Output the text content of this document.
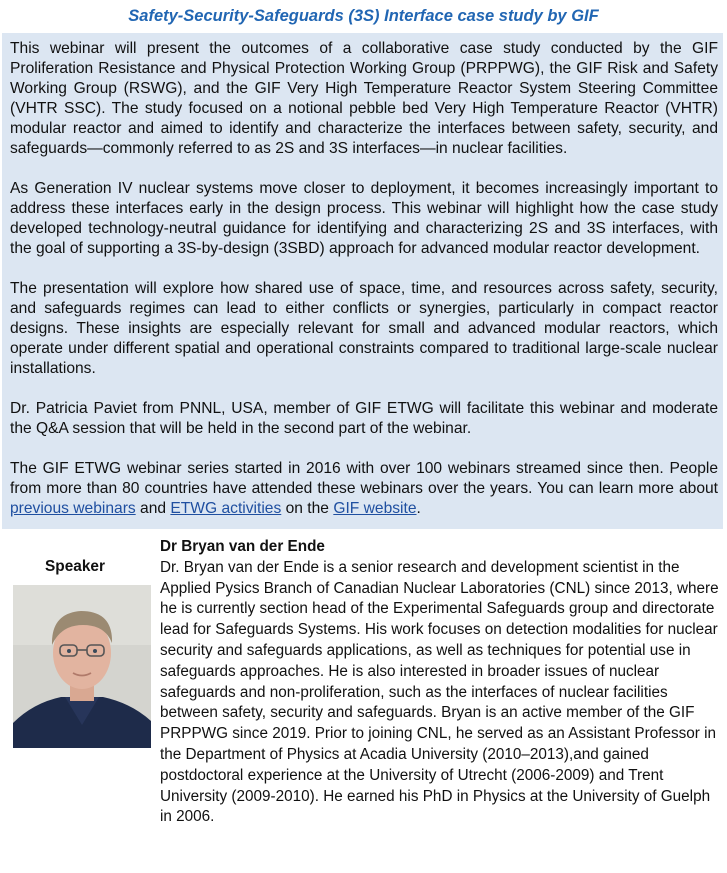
Safety-Security-Safeguards (3S) Interface case study by GIF

This webinar will present the outcomes of a collaborative case study conducted by the GIF Proliferation Resistance and Physical Protection Working Group (PRPPWG), the GIF Risk and Safety Working Group (RSWG), and the GIF Very High Temperature Reactor System Steering Committee (VHTR SSC). The study focused on a notional pebble bed Very High Temperature Reactor (VHTR) modular reactor and aimed to identify and characterize the interfaces between safety, security, and safeguards—commonly referred to as 2S and 3S interfaces—in nuclear facilities.

As Generation IV nuclear systems move closer to deployment, it becomes increasingly important to address these interfaces early in the design process. This webinar will highlight how the case study developed technology-neutral guidance for identifying and characterizing 2S and 3S interfaces, with the goal of supporting a 3S-by-design (3SBD) approach for advanced modular reactor development.

The presentation will explore how shared use of space, time, and resources across safety, security, and safeguards regimes can lead to either conflicts or synergies, particularly in compact reactor designs. These insights are especially relevant for small and advanced modular reactors, which operate under different spatial and operational constraints compared to traditional large-scale nuclear installations.

Dr. Patricia Paviet from PNNL, USA, member of GIF ETWG will facilitate this webinar and moderate the Q&A session that will be held in the second part of the webinar.

The GIF ETWG webinar series started in 2016 with over 100 webinars streamed since then. People from more than 80 countries have attended these webinars over the years. You can learn more about previous webinars and ETWG activities on the GIF website.

Speaker
Dr Bryan van der Ende

Dr. Bryan van der Ende is a senior research and development scientist in the Applied Pysics Branch of Canadian Nuclear Laboratories (CNL) since 2013, where he is currently section head of the Experimental Safeguards group and directorate lead for Safeguards Systems. His work focuses on detection modalities for nuclear security and safeguards applications, as well as techniques for potential use in safeguards approaches. He is also interested in broader issues of nuclear safeguards and non-proliferation, such as the interfaces of nuclear facilities between safety, security and safeguards. Bryan is an active member of the GIF PRPPWG since 2019. Prior to joining CNL, he served as an Assistant Professor in the Department of Physics at Acadia University (2010–2013),and gained postdoctoral experience at the University of Utrecht (2006-2009) and Trent University (2009-2010). He earned his PhD in Physics at the University of Guelph in 2006.
